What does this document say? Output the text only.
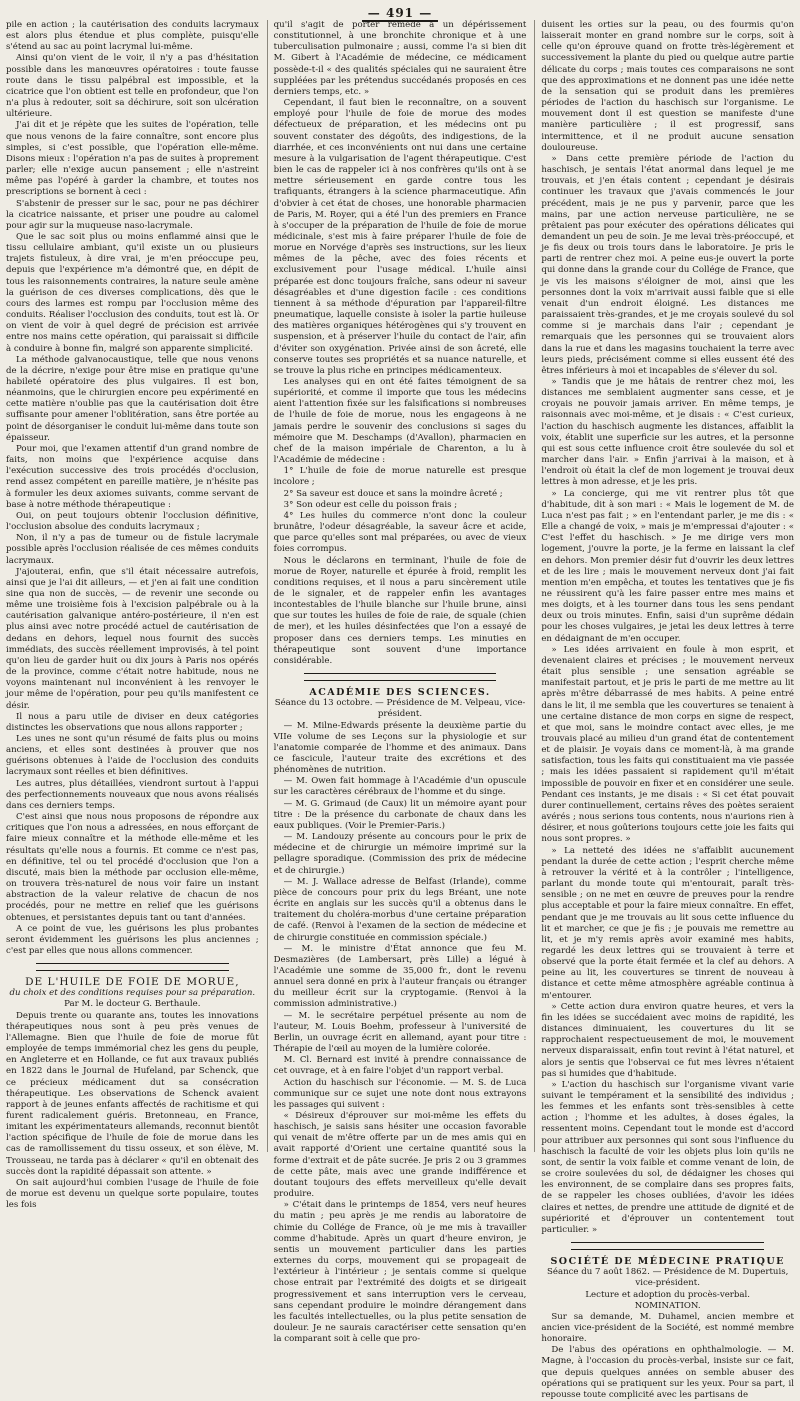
— 491 —

pile en action ; la cautérisation des conduits lacrymaux est alors plus étendue et plus complète, puisqu'elle s'étend au sac au point lacrymal lui-même.

Ainsi qu'on vient de le voir, il n'y a pas d'hésitation possible dans les manœuvres opératoires : toute fausse route dans le tissu palpébral est impossible, et la cicatrice que l'on obtient est telle en profondeur, que l'on n'a plus à redouter, soit sa déchirure, soit son ulcération ultérieure.

J'ai dit et je répète que les suites de l'opération, telle que nous venons de la faire connaître, sont encore plus simples, si c'est possible, que l'opération elle-même. Disons mieux : l'opération n'a pas de suites à proprement parler; elle n'exige aucun pansement ; elle n'astreint même pas l'opéré à garder la chambre, et toutes nos prescriptions se bornent à ceci :

S'abstenir de presser sur le sac, pour ne pas déchirer la cicatrice naissante, et priser une poudre au calomel pour agir sur la muqueuse naso-lacrymale.

Que le sac soit plus ou moins enflammé ainsi que le tissu cellulaire ambiant, qu'il existe un ou plusieurs trajets fistuleux, à dire vrai, je m'en préoccupe peu, depuis que l'expérience m'a démontré que, en dépit de tous les raisonnements contraires, la nature seule amène la guérison de ces diverses complications, dès que le cours des larmes est rompu par l'occlusion même des conduits. Réaliser l'occlusion des conduits, tout est là. Or on vient de voir à quel degré de précision est arrivée entre nos mains cette opération, qui paraissait si difficile à conduire à bonne fin, malgré son apparente simplicité.

La méthode galvanocaustique, telle que nous venons de la décrire, n'exige pour être mise en pratique qu'une habileté opératoire des plus vulgaires. Il est bon, néanmoins, que le chirurgien encore peu expérimenté en cette matière n'oublie pas que la cautérisation doit être suffisante pour amener l'oblitération, sans être portée au point de désorganiser le conduit lui-même dans toute son épaisseur.

Pour moi, que l'examen attentif d'un grand nombre de faits, non moins que l'expérience acquise dans l'exécution successive des trois procédés d'occlusion, rend assez compétent en pareille matière, je n'hésite pas à formuler les deux axiomes suivants, comme servant de base à notre méthode thérapeutique :

Oui, on peut toujours obtenir l'occlusion définitive, l'occlusion absolue des conduits lacrymaux ;

Non, il n'y a pas de tumeur ou de fistule lacrymale possible après l'occlusion réalisée de ces mêmes conduits lacrymaux.

J'ajouterai, enfin, que s'il était nécessaire autrefois, ainsi que je l'ai dit ailleurs, — et j'en ai fait une condition sine qua non de succès, — de revenir une seconde ou même une troisième fois à l'excision palpébrale ou à la cautérisation galvanique antéro-postérieure, il n'en est plus ainsi avec notre procédé actuel de cautérisation de dedans en dehors, lequel nous fournit des succès immédiats, des succès réellement improvisés, à tel point qu'on lieu de garder huit ou dix jours à Paris nos opérés de la province, comme c'était notre habitude, nous ne voyons maintenant nul inconvénient à les renvoyer le jour même de l'opération, pour peu qu'ils manifestent ce désir.

Il nous a paru utile de diviser en deux catégories distinctes les observations que nous allons rapporter ;

Les unes ne sont qu'un résumé de faits plus ou moins anciens, et elles sont destinées à prouver que nos guérisons obtenues à l'aide de l'occlusion des conduits lacrymaux sont réelles et bien définitives.

Les autres, plus détaillées, viendront surtout à l'appui des perfectionnements nouveaux que nous avons réalisés dans ces derniers temps.

C'est ainsi que nous nous proposons de répondre aux critiques que l'on nous a adressées, en nous efforçant de faire mieux connaître et la méthode elle-même et les résultats qu'elle nous a fournis. Et comme ce n'est pas, en définitive, tel ou tel procédé d'occlusion que l'on a discuté, mais bien la méthode par occlusion elle-même, on trouvera très-naturel de nous voir faire un instant abstraction de la valeur relative de chacun de nos procédés, pour ne mettre en relief que les guérisons obtenues, et persistantes depuis tant ou tant d'années.

A ce point de vue, les guérisons les plus probantes seront évidemment les guérisons les plus anciennes ; c'est par elles que nous allons commencer.

DE L'HUILE DE FOIE DE MORUE,

du choix et des conditions requises pour sa préparation.

Par M. le docteur G. Berthaule.

Depuis trente ou quarante ans, toutes les innovations thérapeutiques nous sont à peu près venues de l'Allemagne. Bien que l'huile de foie de morue fût employée de temps immémorial chez les gens du peuple, en Angleterre et en Hollande, ce fut aux travaux publiés en 1822 dans le Journal de Hufeland, par Schenck, que ce précieux médicament dut sa consécration thérapeutique. Les observations de Schenck avaient rapport à de jeunes enfants affectés de rachitisme et qui furent radicalement guéris. Bretonneau, en France, imitant les expérimentateurs allemands, reconnut bientôt l'action spécifique de l'huile de foie de morue dans les cas de ramollissement du tissu osseux, et son élève, M. Trousseau, ne tarda pas à déclarer « qu'il en obtenait des succès dont la rapidité dépassait son attente. »

On sait aujourd'hui combien l'usage de l'huile de foie de morue est devenu un quelque sorte populaire, toutes les fois

qu'il s'agit de porter remède à un dépérissement constitutionnel, à une bronchite chronique et à une tuberculisation pulmonaire ; aussi, comme l'a si bien dit M. Gibert à l'Académie de médecine, ce médicament possède-t-il « des qualités spéciales qui ne sauraient être suppléées par les prétendus succédanés proposés en ces derniers temps, etc. »

Cependant, il faut bien le reconnaître, on a souvent employé pour l'huile de foie de morue des modes défectueux de préparation, et les médecins ont pu souvent constater des dégoûts, des indigestions, de la diarrhée, et ces inconvénients ont nui dans une certaine mesure à la vulgarisation de l'agent thérapeutique. C'est bien le cas de rappeler ici à nos confrères qu'ils ont à se mettre sérieusement en garde contre tous les trafiquants, étrangers à la science pharmaceutique. Afin d'obvier à cet état de choses, une honorable pharmacien de Paris, M. Royer, qui a été l'un des premiers en France à s'occuper de la préparation de l'huile de foie de morue médicinale, s'est mis à faire préparer l'huile de foie de morue en Norvége d'après ses instructions, sur les lieux mêmes de la pêche, avec des foies récents et exclusivement pour l'usage médical. L'huile ainsi préparée est donc toujours fraîche, sans odeur ni saveur désagréables et d'une digestion facile : ces conditions tiennent à sa méthode d'épuration par l'appareil-filtre pneumatique, laquelle consiste à isoler la partie huileuse des matières organiques hétérogènes qui s'y trouvent en suspension, et à préserver l'huile du contact de l'air, afin d'éviter son oxygénation. Privée ainsi de son âcreté, elle conserve toutes ses propriétés et sa nuance naturelle, et se trouve la plus riche en principes médicamenteux.

Les analyses qui en ont été faites témoignent de sa supériorité, et comme il importe que tous les médecins aient l'attention fixée sur les falsifications si nombreuses de l'huile de foie de morue, nous les engageons à ne jamais perdre le souvenir des conclusions si sages du mémoire que M. Deschamps (d'Avallon), pharmacien en chef de la maison impériale de Charenton, a lu à l'Académie de médecine :

1° L'huile de foie de morue naturelle est presque incolore ;

2° Sa saveur est douce et sans la moindre âcreté ;

3° Son odeur est celle du poisson frais ;

4° Les huiles du commerce n'ont donc la couleur brunâtre, l'odeur désagréable, la saveur âcre et acide, que parce qu'elles sont mal préparées, ou avec de vieux foies corrompus.

Nous le déclarons en terminant, l'huile de foie de morue de Royer, naturelle et épurée à froid, remplit les conditions requises, et il nous a paru sincèrement utile de le signaler, et de rappeler enfin les avantages incontestables de l'huile blanche sur l'huile brune, ainsi que sur toutes les huiles de foie de raie, de squale (chien de mer), et les huiles désinfectées que l'on a essayé de proposer dans ces derniers temps. Les minuties en thérapeutique sont souvent d'une importance considérable.

ACADÉMIE DES SCIENCES.

Séance du 13 octobre. — Présidence de M. Velpeau, vice-président.

— M. Milne-Edwards présente la deuxième partie du VIIe volume de ses Leçons sur la physiologie et sur l'anatomie comparée de l'homme et des animaux. Dans ce fascicule, l'auteur traite des excrétions et des phénomènes de nutrition.

— M. Owen fait hommage à l'Académie d'un opuscule sur les caractères cérébraux de l'homme et du singe.

— M. G. Grimaud (de Caux) lit un mémoire ayant pour titre : De la présence du carbonate de chaux dans les eaux publiques. (Voir le Premier-Paris.)

— M. Landouzy présente au concours pour le prix de médecine et de chirurgie un mémoire imprimé sur la pellagre sporadique. (Commission des prix de médecine et de chirurgie.)

— M. J. Wallace adresse de Belfast (Irlande), comme pièce de concours pour prix du legs Bréant, une note écrite en anglais sur les succès qu'il a obtenus dans le traitement du choléra-morbus d'une certaine préparation de café. (Renvoi à l'examen de la section de médecine et de chirurgie constituée en commission spéciale.)

— M. le ministre d'État annonce que feu M. Desmazières (de Lambersart, près Lille) a légué à l'Académie une somme de 35,000 fr., dont le revenu annuel sera donné en prix à l'auteur français ou étranger du meilleur écrit sur la cryptogamie. (Renvoi à la commission administrative.)

— M. le secrétaire perpétuel présente au nom de l'auteur, M. Louis Boehm, professeur à l'université de Berlin, un ouvrage écrit en allemand, ayant pour titre : Thérapie de l'œil au moyen de la lumière colorée.

M. Cl. Bernard est invité à prendre connaissance de cet ouvrage, et à en faire l'objet d'un rapport verbal.

Action du haschisch sur l'économie. — M. S. de Luca communique sur ce sujet une note dont nous extrayons les passages qui suivent :

« Désireux d'éprouver sur moi-même les effets du haschisch, je saisis sans hésiter une occasion favorable qui venait de m'être offerte par un de mes amis qui en avait rapporté d'Orient une certaine quantité sous la forme d'extrait et de pâte sucrée. Je pris 2 ou 3 grammes de cette pâte, mais avec une grande indifférence et doutant toujours des effets merveilleux qu'elle devait produire.

» C'était dans le printemps de 1854, vers neuf heures du matin ; peu après je me rendis au laboratoire de chimie du Collége de France, où je me mis à travailler comme d'habitude. Après un quart d'heure environ, je sentis un mouvement particulier dans les parties externes du corps, mouvement qui se propageait de l'extérieur à l'intérieur ; je sentais comme si quelque chose entrait par l'extrémité des doigts et se dirigeait progressivement et sans interruption vers le cerveau, sans cependant produire le moindre dérangement dans les facultés intellectuelles, ou la plus petite sensation de douleur. Je ne saurais caractériser cette sensation qu'en la comparant soit à celle que pro-

duisent les orties sur la peau, ou des fourmis qu'on laisserait monter en grand nombre sur le corps, soit à celle qu'on éprouve quand on frotte très-légèrement et successivement la plante du pied ou quelque autre partie délicate du corps ; mais toutes ces comparaisons ne sont que des approximations et ne donnent pas une idée nette de la sensation qui se produit dans les premières périodes de l'action du haschisch sur l'organisme. Le mouvement dont il est question se manifeste d'une manière particulière ; il est progressif, sans intermittence, et il ne produit aucune sensation douloureuse.

» Dans cette première période de l'action du haschisch, je sentais l'état anormal dans lequel je me trouvais, et j'en étais content ; cependant je désirais continuer les travaux que j'avais commencés le jour précédent, mais je ne pus y parvenir, parce que les mains, par une action nerveuse particulière, ne se prêtaient pas pour exécuter des opérations délicates qui demandent un peu de soin. Je me levai très-préoccupé, et je fis deux ou trois tours dans le laboratoire. Je pris le parti de rentrer chez moi. A peine eus-je ouvert la porte qui donne dans la grande cour du Collége de France, que je vis les maisons s'éloigner de moi, ainsi que les personnes dont la voix m'arrivait aussi faible que si elle venait d'un endroit éloigné. Les distances me paraissaient très-grandes, et je me croyais soulevé du sol comme si je marchais dans l'air ; cependant je remarquais que les personnes qui se trouvaient alors dans la rue et dans les magasins touchaient la terre avec leurs pieds, précisément comme si elles eussent été des êtres inférieurs à moi et incapables de s'élever du sol.

» Tandis que je me hâtais de rentrer chez moi, les distances me semblaient augmenter sans cesse, et je croyais ne pouvoir jamais arriver. En même temps, je raisonnais avec moi-même, et je disais : « C'est curieux, l'action du haschisch augmente les distances, affaiblit la voix, établit une superficie sur les autres, et la personne qui est sous cette influence croit être soulevée du sol et marcher dans l'air. » Enfin j'arrivai à la maison, et à l'endroit où était la clef de mon logement je trouvai deux lettres à mon adresse, et je les pris.

» La concierge, qui me vit rentrer plus tôt que d'habitude, dit à son mari : « Mais le logement de M. de Luca n'est pas fait ; » en l'entendant parler, je me dis : « Elle a changé de voix, » mais je m'empressai d'ajouter : « C'est l'effet du haschisch. » Je me dirige vers mon logement, j'ouvre la porte, je la ferme en laissant la clef en dehors. Mon premier désir fut d'ouvrir les deux lettres et de les lire ; mais le mouvement nerveux dont j'ai fait mention m'en empêcha, et toutes les tentatives que je fis ne réussirent qu'à les faire passer entre mes mains et mes doigts, et à les tourner dans tous les sens pendant deux ou trois minutes. Enfin, saisi d'un suprême dédain pour les choses vulgaires, je jetai les deux lettres à terre en dédaignant de m'en occuper.

» Les idées arrivaient en foule à mon esprit, et devenaient claires et précises ; le mouvement nerveux était plus sensible ; une sensation agréable se manifestait partout, et je pris le parti de me mettre au lit après m'être débarrassé de mes habits. A peine entré dans le lit, il me sembla que les couvertures se tenaient à une certaine distance de mon corps en signe de respect, et que moi, sans le moindre contact avec elles, je me trouvais placé au milieu d'un grand état de contentement et de plaisir. Je voyais dans ce moment-là, à ma grande satisfaction, tous les faits qui constituaient ma vie passée ; mais les idées passaient si rapidement qu'il m'était impossible de pouvoir en fixer et en considérer une seule. Pendant ces instants, je me disais : « Si cet état pouvait durer continuellement, certains rêves des poètes seraient avérés ; nous serions tous contents, nous n'aurions rien à désirer, et nous goûterions toujours cette joie les faits qui nous sont propres. »

» La netteté des idées ne s'affaiblit aucunement pendant la durée de cette action ; l'esprit cherche même à retrouver la vérité et à la contrôler ; l'intelligence, parlant du monde toute qui m'entourait, paraît très-sensible ; on ne met en œuvre de preuves pour la rendre plus acceptable et pour la faire mieux connaître. En effet, pendant que je me trouvais au lit sous cette influence du lit et marcher, ce que je fis ; je pouvais me remettre au lit, et je m'y remis après avoir examiné mes habits, regardé les deux lettres qui se trouvaient à terre et observé que la porte était fermée et la clef au dehors. A peine au lit, les couvertures se tinrent de nouveau à distance et cette même atmosphère agréable continua à m'entourer.

» Cette action dura environ quatre heures, et vers la fin les idées se succédaient avec moins de rapidité, les distances diminuaient, les couvertures du lit se rapprochaient respectueusement de moi, le mouvement nerveux disparaissait, enfin tout revint à l'état naturel, et alors je sentis que l'observai ce fut mes lèvres n'étaient pas si humides que d'habitude.

» L'action du haschisch sur l'organisme vivant varie suivant le tempérament et la sensibilité des individus ; les femmes et les enfants sont très-sensibles à cette action ; l'homme et les adultes, à doses égales, la ressentent moins. Cependant tout le monde est d'accord pour attribuer aux personnes qui sont sous l'influence du haschisch la faculté de voir les objets plus loin qu'ils ne sont, de sentir la voix faible et comme venant de loin, de se croire soulevées du sol, de dédaigner les choses qui les environnent, de se complaire dans ses propres faits, de se rappeler les choses oubliées, d'avoir les idées claires et nettes, de prendre une attitude de dignité et de supériorité et d'éprouver un contentement tout particulier. »

SOCIÉTÉ DE MÉDECINE PRATIQUE

Séance du 7 août 1862. — Présidence de M. Dupertuis, vice-président.

Lecture et adoption du procès-verbal.

NOMINATION.

Sur sa demande, M. Duhamel, ancien membre et ancien vice-président de la Société, est nommé membre honoraire.

De l'abus des opérations en ophthalmologie. — M. Magne, à l'occasion du procès-verbal, insiste sur ce fait, que depuis quelques années on semble abuser des opérations qui se pratiquent sur les yeux. Pour sa part, il repousse toute complicité avec les partisans de
